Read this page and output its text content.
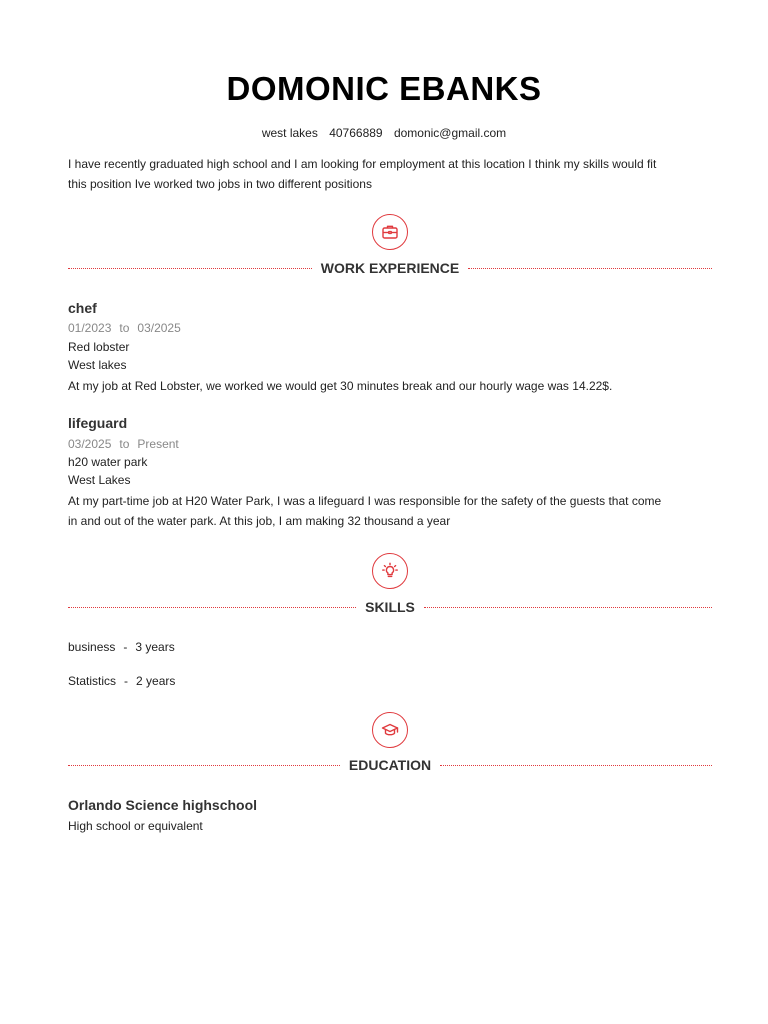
DOMONIC EBANKS
west lakes 40766889 domonic@gmail.com
I have recently graduated high school and I am looking for employment at this location I think my skills would fit this position Ive worked two jobs in two different positions
WORK EXPERIENCE
chef
01/2023 to 03/2025
Red lobster
West lakes
At my job at Red Lobster, we worked we would get 30 minutes break and our hourly wage was 14.22$.
lifeguard
03/2025 to Present
h20 water park
West Lakes
At my part-time job at H20 Water Park, I was a lifeguard I was responsible for the safety of the guests that come in and out of the water park. At this job, I am making 32 thousand a year
SKILLS
business - 3 years
Statistics - 2 years
EDUCATION
Orlando Science highschool
High school or equivalent
